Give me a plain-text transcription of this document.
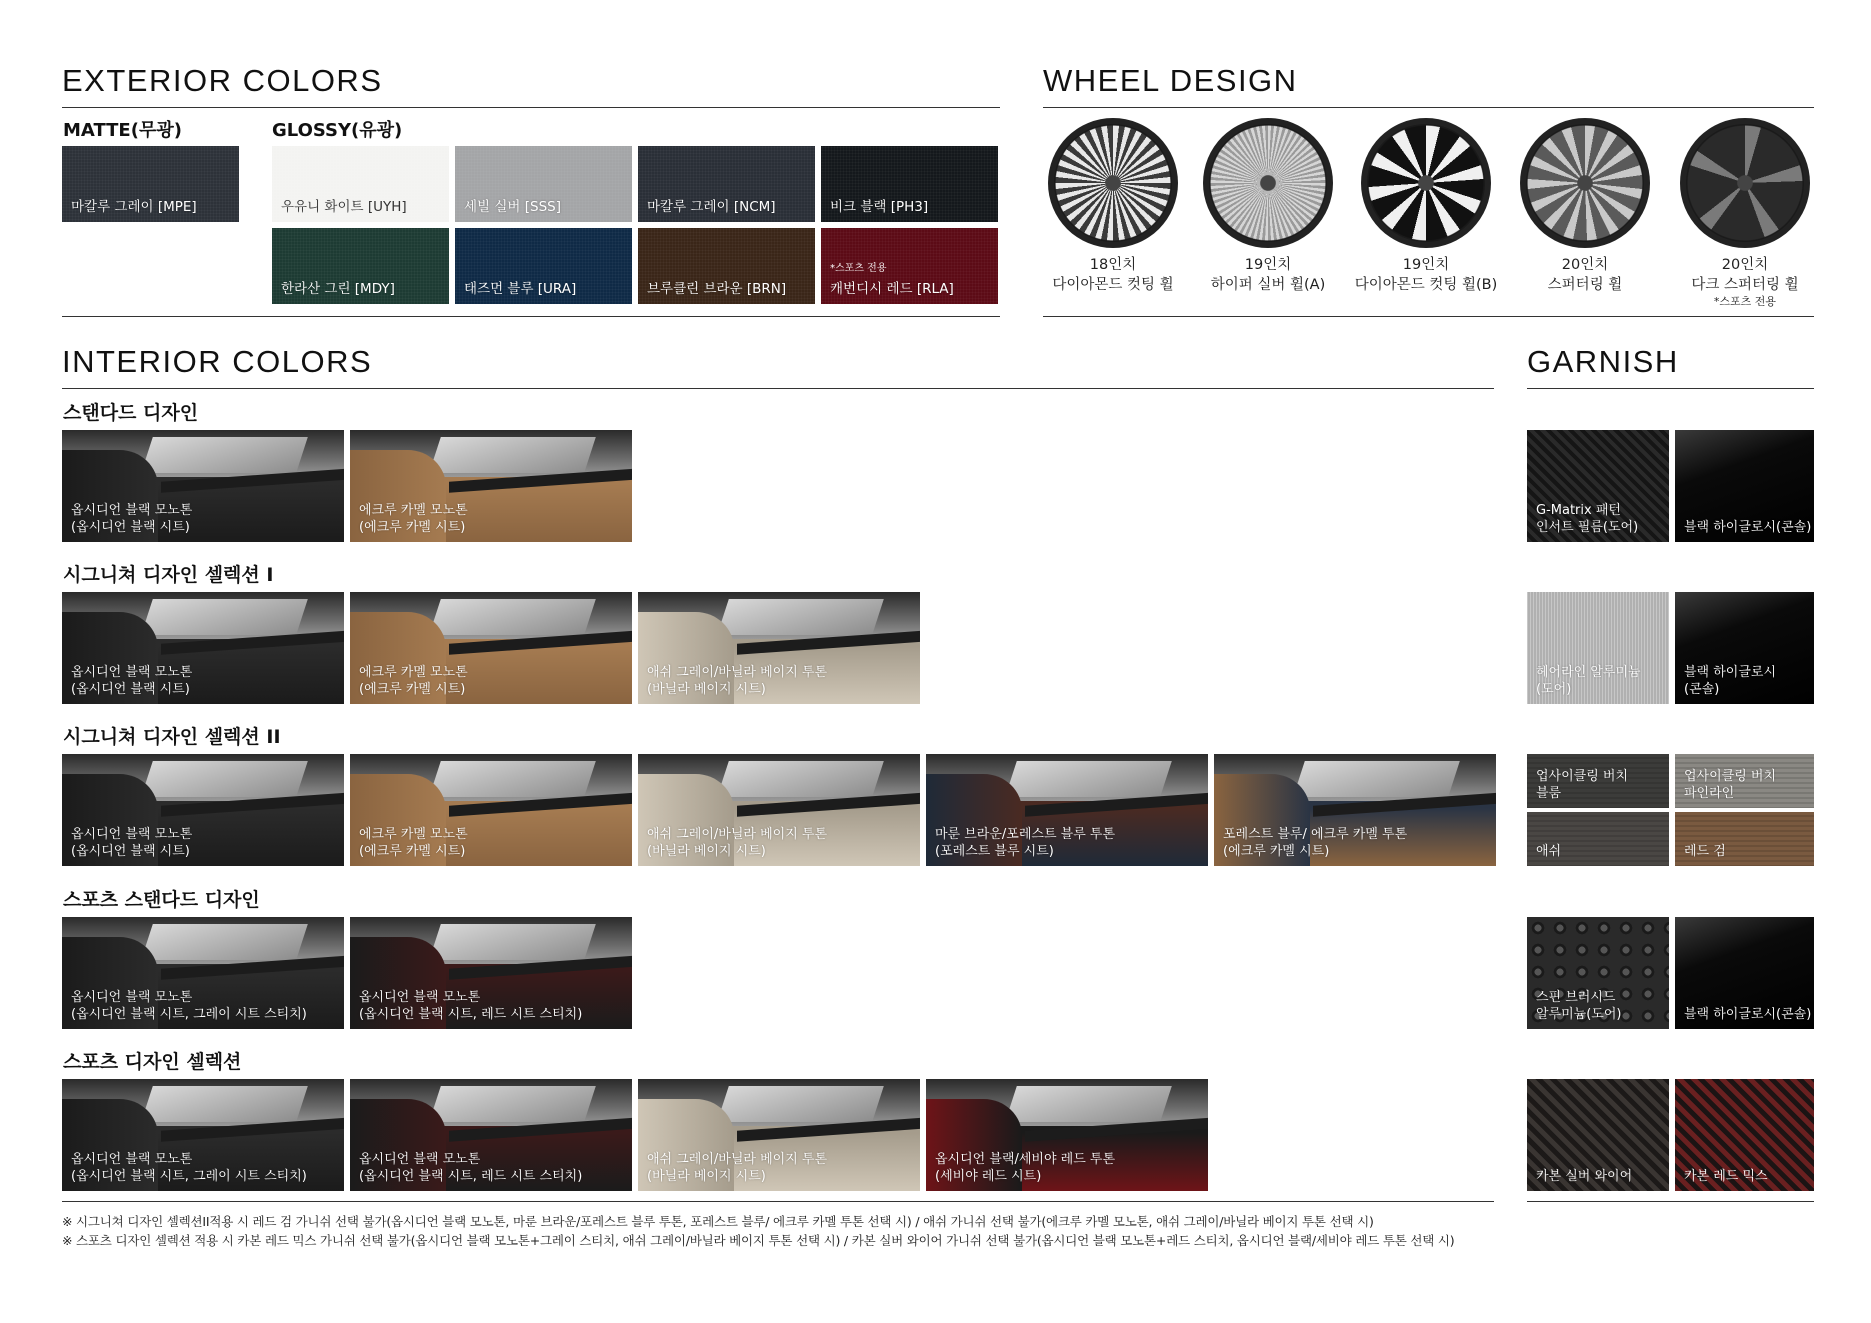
EXTERIOR COLORS
MATTE(무광)	GLOSSY(유광)
마칼루 그레이 [MPE]	우유니 화이트 [UYH]	세빌 실버 [SSS]	마칼루 그레이 [NCM]	비크 블랙 [PH3]
한라산 그린 [MDY]	태즈먼 블루 [URA]	브루클린 브라운 [BRN]
*스포츠 전용
캐번디시 레드 [RLA]
WHEEL DESIGN
18인치
다이아몬드 컷팅 휠
19인치
하이퍼 실버 휠(A)
19인치
다이아몬드 컷팅 휠(B)
20인치
스퍼터링 휠
20인치
다크 스퍼터링 휠
*스포츠 전용
INTERIOR COLORS
스탠다드 디자인
옵시디언 블랙 모노톤
(옵시디언 블랙 시트)
에크루 카멜 모노톤
(에크루 카멜 시트)
시그니쳐 디자인 셀렉션 I
옵시디언 블랙 모노톤
(옵시디언 블랙 시트)
에크루 카멜 모노톤
(에크루 카멜 시트)
애쉬 그레이/바닐라 베이지 투톤
(바닐라 베이지 시트)
시그니쳐 디자인 셀렉션 II
옵시디언 블랙 모노톤
(옵시디언 블랙 시트)
에크루 카멜 모노톤
(에크루 카멜 시트)
애쉬 그레이/바닐라 베이지 투톤
(바닐라 베이지 시트)
마룬 브라운/포레스트 블루 투톤
(포레스트 블루 시트)
포레스트 블루/ 에크루 카멜 투톤
(에크루 카멜 시트)
스포츠 스탠다드 디자인
옵시디언 블랙 모노톤
(옵시디언 블랙 시트, 그레이 시트 스티치)
옵시디언 블랙 모노톤
(옵시디언 블랙 시트, 레드 시트 스티치)
스포츠 디자인 셀렉션
옵시디언 블랙 모노톤
(옵시디언 블랙 시트, 그레이 시트 스티치)
옵시디언 블랙 모노톤
(옵시디언 블랙 시트, 레드 시트 스티치)
애쉬 그레이/바닐라 베이지 투톤
(바닐라 베이지 시트)
옵시디언 블랙/세비야 레드 투톤
(세비야 레드 시트)
GARNISH
G-Matrix 패턴
인서트 필름(도어)	블랙 하이글로시(콘솔)
헤어라인 알루미늄
(도어)
블랙 하이글로시
(콘솔)
업사이클링 버치
블룸
업사이클링 버치
파인라인
애쉬	레드 검
스핀 브러시드
알루미늄(도어)	블랙 하이글로시(콘솔)
카본 실버 와이어	카본 레드 믹스
※ 시그니쳐 디자인 셀렉션II적용 시 레드 검 가니쉬 선택 불가(옵시디언 블랙 모노톤, 마룬 브라운/포레스트 블루 투톤, 포레스트 블루/ 에크루 카멜 투톤 선택 시) / 애쉬 가니쉬 선택 불가(에크루 카멜 모노톤, 애쉬 그레이/바닐라 베이지 투톤 선택 시)
※ 스포츠 디자인 셀렉션 적용 시 카본 레드 믹스 가니쉬 선택 불가(옵시디언 블랙 모노톤+그레이 스티치, 애쉬 그레이/바닐라 베이지 투톤 선택 시) / 카본 실버 와이어 가니쉬 선택 불가(옵시디언 블랙 모노톤+레드 스티치, 옵시디언 블랙/세비야 레드 투톤 선택 시)
